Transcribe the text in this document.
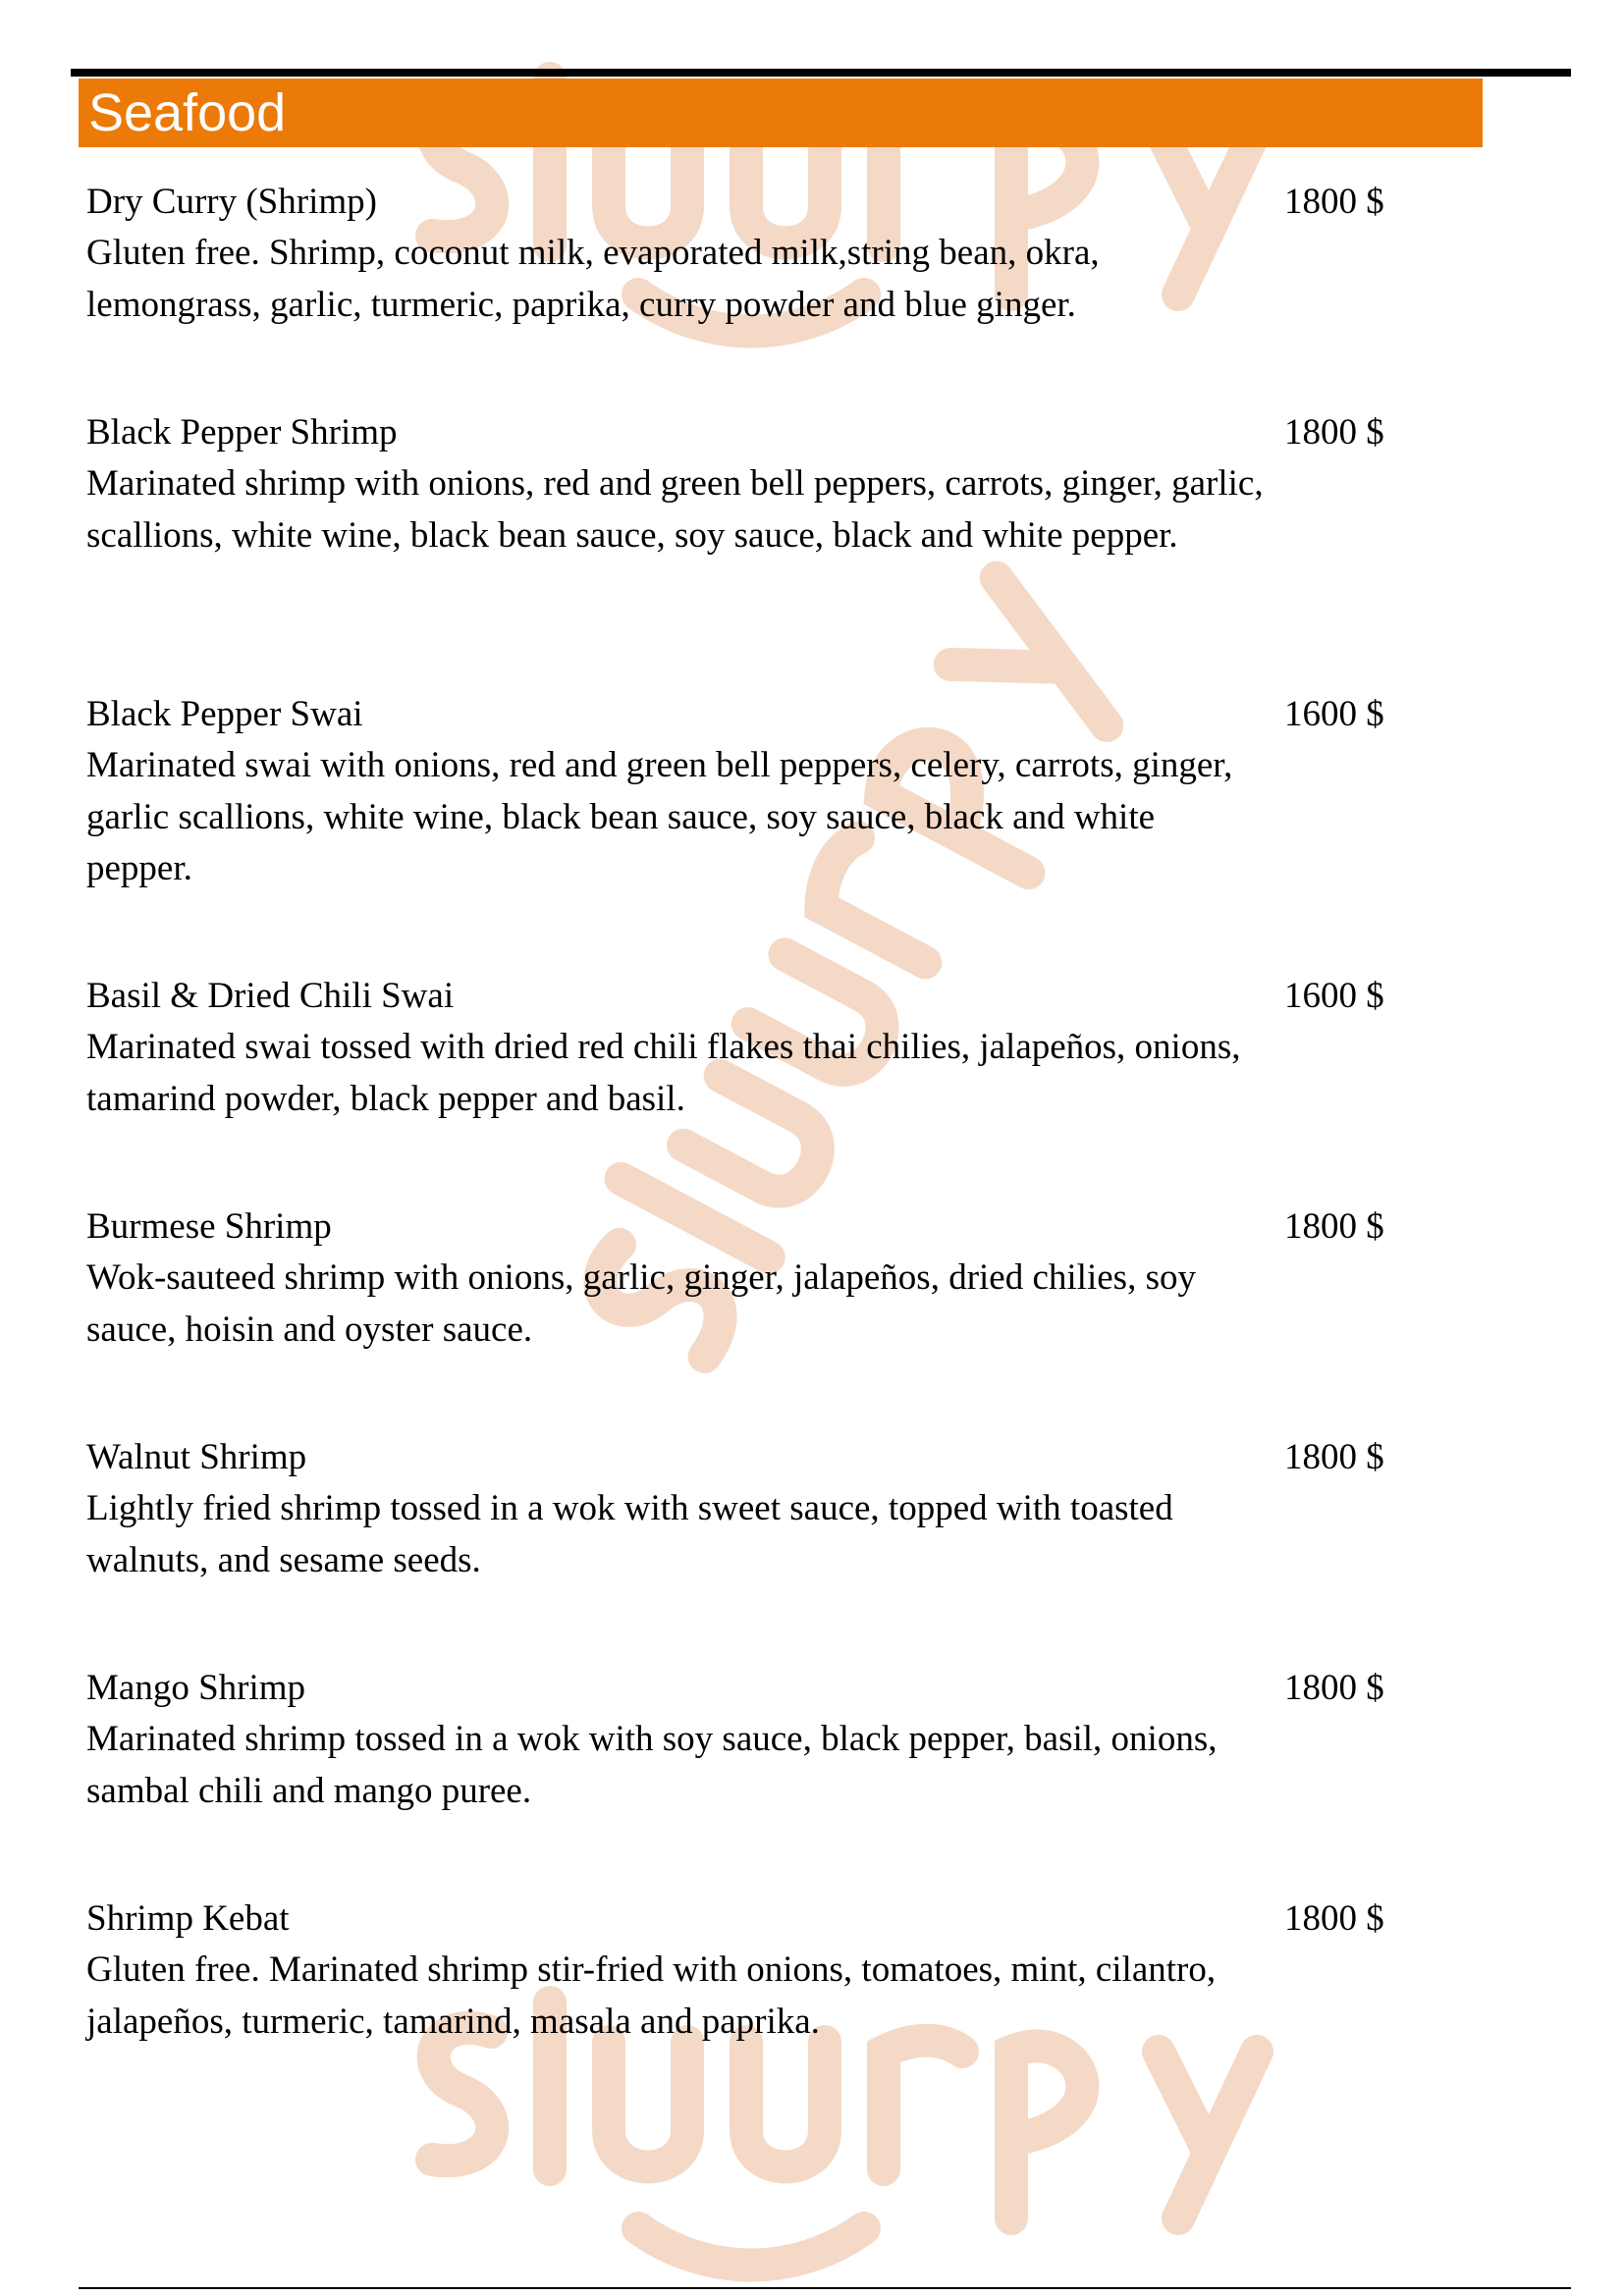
Seafood
Dry Curry (Shrimp)	1800 $
Gluten free. Shrimp, coconut milk, evaporated milk,string bean, okra, lemongrass, garlic, turmeric, paprika, curry powder and blue ginger.
Black Pepper Shrimp	1800 $
Marinated shrimp with onions, red and green bell peppers, carrots, ginger, garlic, scallions, white wine, black bean sauce, soy sauce, black and white pepper.
Black Pepper Swai	1600 $
Marinated swai with onions, red and green bell peppers, celery, carrots, ginger, garlic scallions, white wine, black bean sauce, soy sauce, black and white pepper.
Basil & Dried Chili Swai	1600 $
Marinated swai tossed with dried red chili flakes thai chilies, jalapeños, onions, tamarind powder, black pepper and basil.
Burmese Shrimp	1800 $
Wok-sauteed shrimp with onions, garlic, ginger, jalapeños, dried chilies, soy sauce, hoisin and oyster sauce.
Walnut Shrimp	1800 $
Lightly fried shrimp tossed in a wok with sweet sauce, topped with toasted walnuts, and sesame seeds.
Mango Shrimp	1800 $
Marinated shrimp tossed in a wok with soy sauce, black pepper, basil, onions, sambal chili and mango puree.
Shrimp Kebat	1800 $
Gluten free. Marinated shrimp stir-fried with onions, tomatoes, mint, cilantro, jalapeños, turmeric, tamarind, masala and paprika.
